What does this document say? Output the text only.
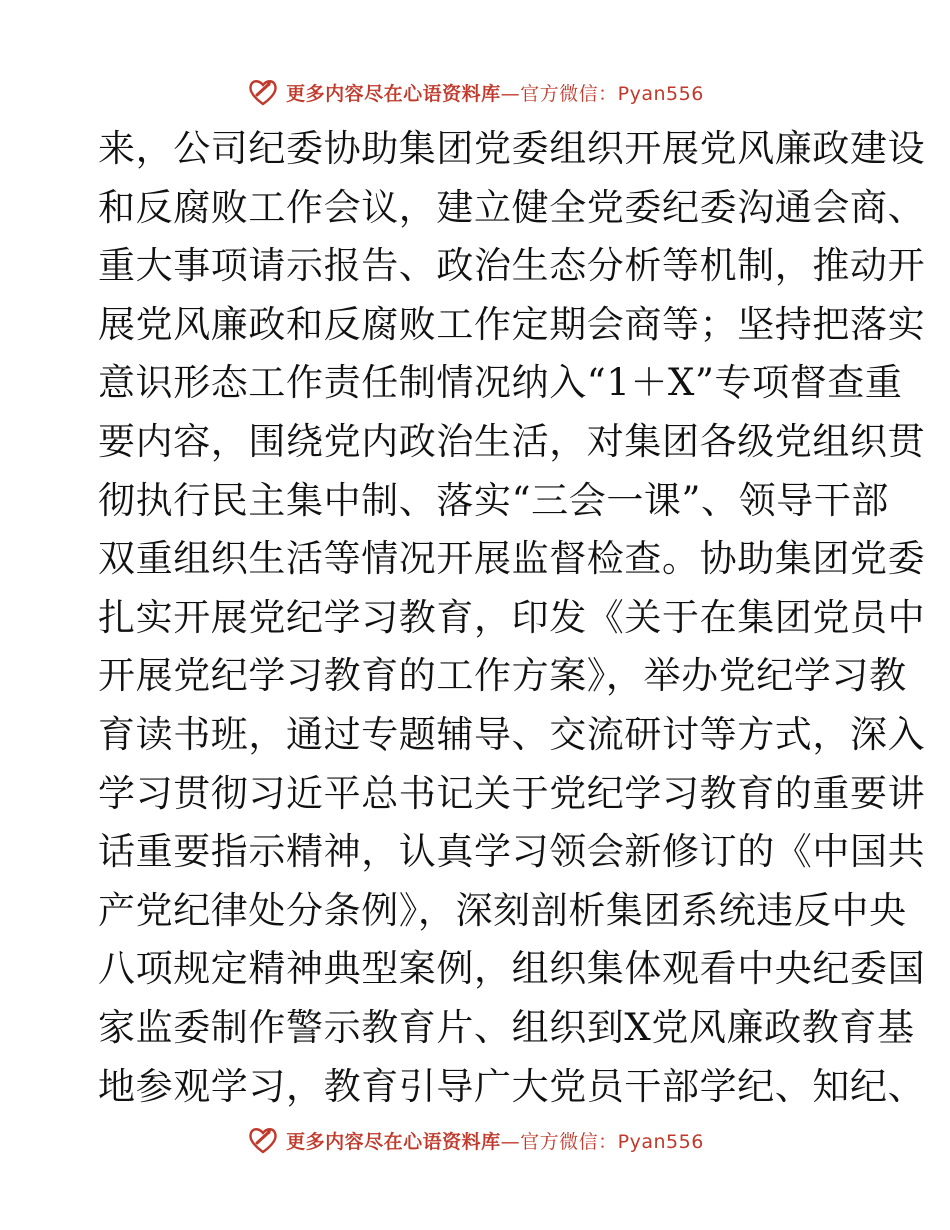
更多内容尽在心语资料库—官方微信：Pyan556
来，公司纪委协助集团党委组织开展党风廉政建设
和反腐败工作会议，建立健全党委纪委沟通会商、
重大事项请示报告、政治生态分析等机制，推动开
展党风廉政和反腐败工作定期会商等；坚持把落实
意识形态工作责任制情况纳入“1＋X”专项督查重
要内容，围绕党内政治生活，对集团各级党组织贯
彻执行民主集中制、落实“三会一课”、领导干部
双重组织生活等情况开展监督检查。协助集团党委
扎实开展党纪学习教育，印发《关于在集团党员中
开展党纪学习教育的工作方案》，举办党纪学习教
育读书班，通过专题辅导、交流研讨等方式，深入
学习贯彻习近平总书记关于党纪学习教育的重要讲
话重要指示精神，认真学习领会新修订的《中国共
产党纪律处分条例》，深刻剖析集团系统违反中央
八项规定精神典型案例，组织集体观看中央纪委国
家监委制作警示教育片、组织到X党风廉政教育基
地参观学习，教育引导广大党员干部学纪、知纪、
更多内容尽在心语资料库—官方微信：Pyan556
